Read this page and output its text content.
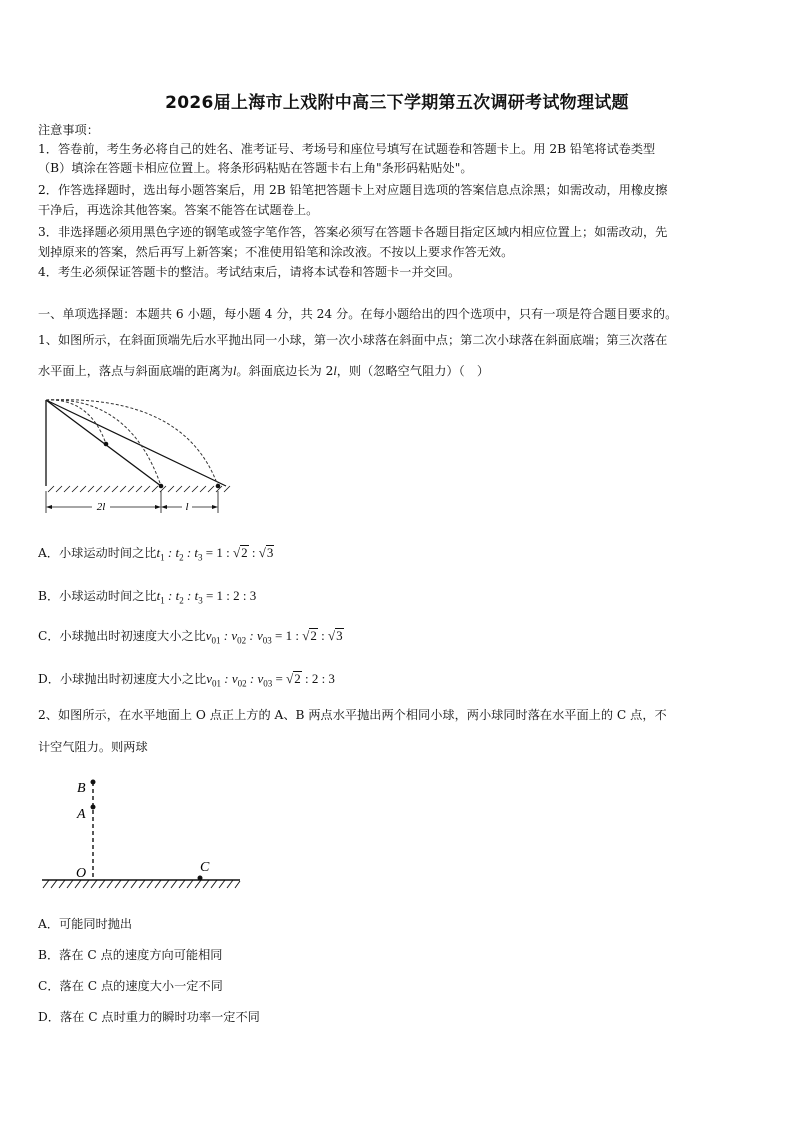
2026届上海市上戏附中高三下学期第五次调研考试物理试题
注意事项：
1．答卷前，考生务必将自己的姓名、准考证号、考场号和座位号填写在试题卷和答题卡上。用 2B 铅笔将试卷类型
（B）填涂在答题卡相应位置上。将条形码粘贴在答题卡右上角"条形码粘贴处"。
2．作答选择题时，选出每小题答案后，用 2B 铅笔把答题卡上对应题目选项的答案信息点涂黑；如需改动，用橡皮擦
干净后，再选涂其他答案。答案不能答在试题卷上。
3．非选择题必须用黑色字迹的钢笔或签字笔作答，答案必须写在答题卡各题目指定区域内相应位置上；如需改动，先
划掉原来的答案，然后再写上新答案；不准使用铅笔和涂改液。不按以上要求作答无效。
4．考生必须保证答题卡的整洁。考试结束后，请将本试卷和答题卡一并交回。
一、单项选择题：本题共 6 小题，每小题 4 分，共 24 分。在每小题给出的四个选项中，只有一项是符合题目要求的。
1、如图所示，在斜面顶端先后水平抛出同一小球，第一次小球落在斜面中点；第二次小球落在斜面底端；第三次落在
水平面上，落点与斜面底端的距离为l。斜面底边长为 2l，则（忽略空气阻力）（　）
2l	l
A．小球运动时间之比$t_1$ : $t_2$ : $t_3 = 1$ : √2 : √3
B．小球运动时间之比$t_1$ : $t_2$ : $t_3 = 1$ : 2 : 3
C．小球抛出时初速度大小之比$v_{01}$ : $v_{02}$ : $v_{03} = 1$ : √2 : √3
D．小球抛出时初速度大小之比$v_{01}$ : $v_{02}$ : $v_{03} = √2$ : 2 : 3
2、如图所示，在水平地面上 O 点正上方的 A、B 两点水平抛出两个相同小球，两小球同时落在水平面上的 C 点，不
计空气阻力。则两球
B
A
O	C
A．可能同时抛出
B．落在 C 点的速度方向可能相同
C．落在 C 点的速度大小一定不同
D．落在 C 点时重力的瞬时功率一定不同
